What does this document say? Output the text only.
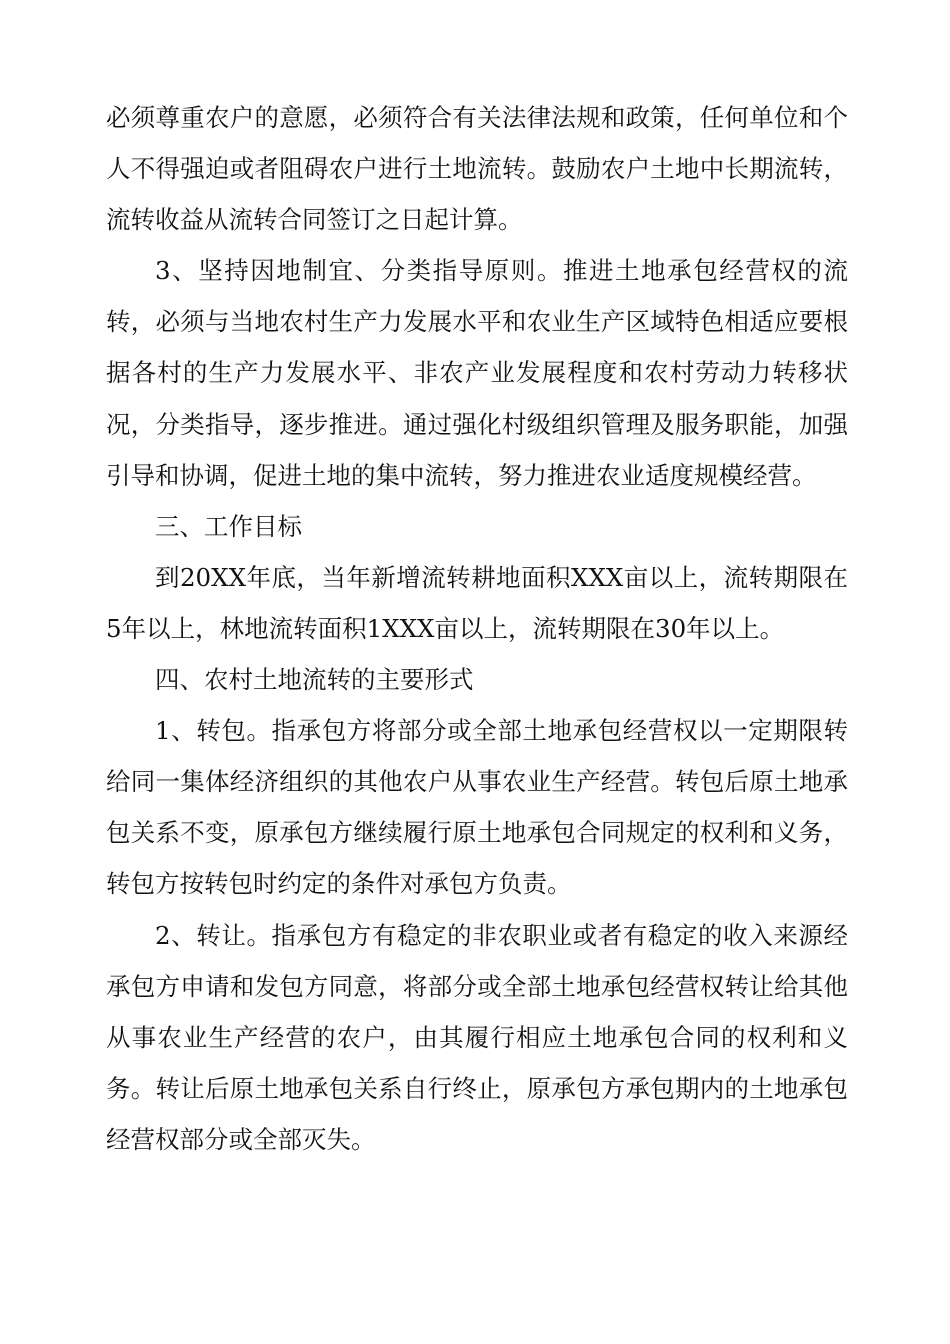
必须尊重农户的意愿，必须符合有关法律法规和政策，任何单位和个人不得强迫或者阻碍农户进行土地流转。鼓励农户土地中长期流转，流转收益从流转合同签订之日起计算。

3、坚持因地制宜、分类指导原则。推进土地承包经营权的流转，必须与当地农村生产力发展水平和农业生产区域特色相适应要根据各村的生产力发展水平、非农产业发展程度和农村劳动力转移状况，分类指导，逐步推进。通过强化村级组织管理及服务职能，加强引导和协调，促进土地的集中流转，努力推进农业适度规模经营。

三、工作目标

到20XX年底，当年新增流转耕地面积XXX亩以上，流转期限在5年以上，林地流转面积1XXX亩以上，流转期限在30年以上。

四、农村土地流转的主要形式

1、转包。指承包方将部分或全部土地承包经营权以一定期限转给同一集体经济组织的其他农户从事农业生产经营。转包后原土地承包关系不变，原承包方继续履行原土地承包合同规定的权利和义务，转包方按转包时约定的条件对承包方负责。

2、转让。指承包方有稳定的非农职业或者有稳定的收入来源经承包方申请和发包方同意，将部分或全部土地承包经营权转让给其他从事农业生产经营的农户，由其履行相应土地承包合同的权利和义务。转让后原土地承包关系自行终止，原承包方承包期内的土地承包经营权部分或全部灭失。
